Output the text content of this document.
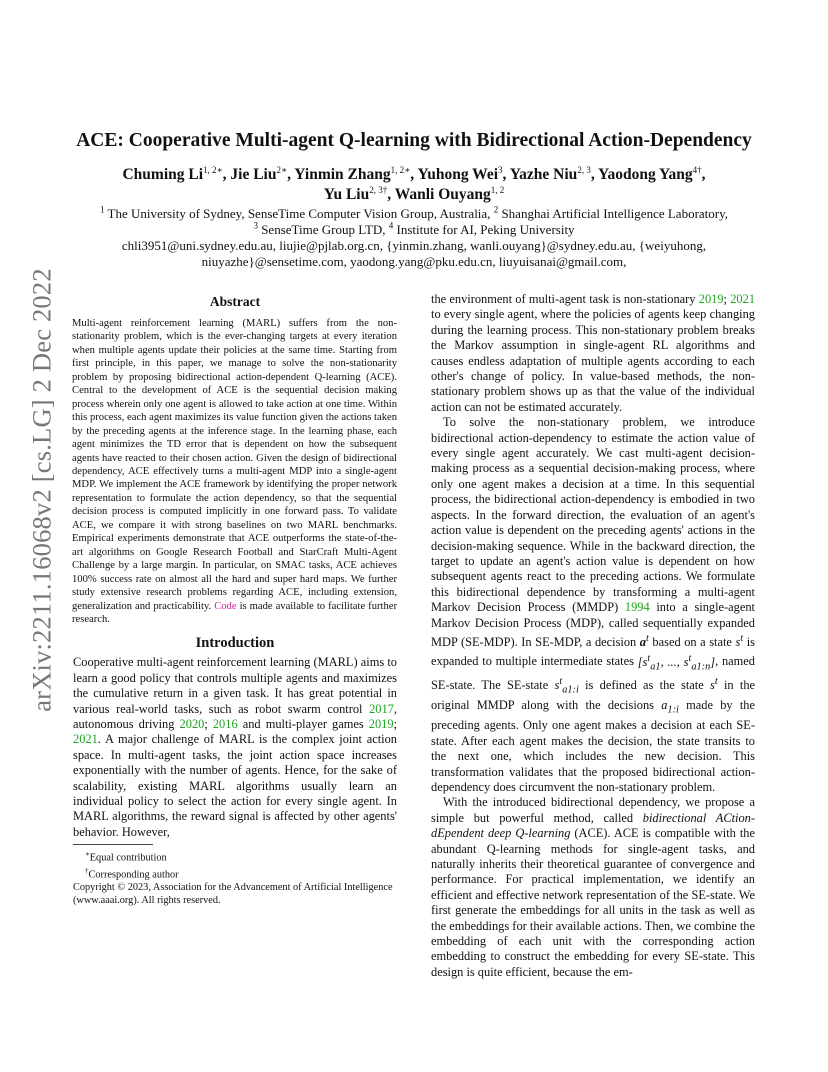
arXiv:2211.16068v2 [cs.LG] 2 Dec 2022
ACE: Cooperative Multi-agent Q-learning with Bidirectional Action-Dependency
Chuming $Li^{1, 2∗}$, Jie Liu$^{2∗}$, Yinmin Zhang$^{1, 2∗}$, Yuhong Wei$^3$, Yazhe Niu$^{2, 3}$, Yaodong Yang$^{4\dagger}$,
Yu Liu$^{2, 3\dagger}$, Wanli Ouyang$^{1, 2}$
$^1$ The University of Sydney, SenseTime Computer Vision Group, Australia, $^2$ Shanghai Artificial Intelligence Laboratory,
$^3$ SenseTime Group LTD, $^4$ Institute for AI, Peking University
chli3951@uni.sydney.edu.au, liujie@pjlab.org.cn, {yinmin.zhang, wanli.ouyang}@sydney.edu.au, {weiyuhong,
niuyazhe}@sensetime.com, yaodong.yang@pku.edu.cn, liuyuisanai@gmail.com,
Abstract

Multi-agent reinforcement learning (MARL) suffers from the non-stationarity problem, which is the ever-changing targets at every iteration when multiple agents update their policies at the same time. Starting from first principle, in this paper, we manage to solve the non-stationarity problem by proposing bidirectional action-dependent Q-learning (ACE). Central to the development of ACE is the sequential decision making process wherein only one agent is allowed to take action at one time. Within this process, each agent maximizes its value function given the actions taken by the preceding agents at the inference stage. In the learning phase, each agent minimizes the TD error that is dependent on how the subsequent agents have reacted to their chosen action. Given the design of bidirectional dependency, ACE effectively turns a multi-agent MDP into a single-agent MDP. We implement the ACE framework by identifying the proper network representation to formulate the action dependency, so that the sequential decision process is computed implicitly in one forward pass. To validate ACE, we compare it with strong baselines on two MARL benchmarks. Empirical experiments demonstrate that ACE outperforms the state-of-the-art algorithms on Google Research Football and StarCraft Multi-Agent Challenge by a large margin. In particular, on SMAC tasks, ACE achieves 100% success rate on almost all the hard and super hard maps. We further study extensive research problems regarding ACE, including extension, generalization and practicability. Code is made available to facilitate further research.

Introduction

Cooperative multi-agent reinforcement learning (MARL) aims to learn a good policy that controls multiple agents and maximizes the cumulative return in a given task. It has great potential in various real-world tasks, such as robot swarm control 2017, autonomous driving 2020; 2016 and multi-player games 2019; 2021. A major challenge of MARL is the complex joint action space. In multi-agent tasks, the joint action space increases exponentially with the number of agents. Hence, for the sake of scalability, existing MARL algorithms usually learn an individual policy to select the action for every single agent. In MARL algorithms, the reward signal is affected by other agents' behavior. However,

∗Equal contribution

†Corresponding author

Copyright © 2023, Association for the Advancement of Artificial Intelligence (www.aaai.org). All rights reserved.

the environment of multi-agent task is non-stationary 2019; 2021 to every single agent, where the policies of agents keep changing during the learning process. This non-stationary problem breaks the Markov assumption in single-agent RL algorithms and causes endless adaptation of multiple agents according to each other's change of policy. In value-based methods, the non-stationary problem shows up as that the value of the individual action can not be estimated accurately.

To solve the non-stationary problem, we introduce bidirectional action-dependency to estimate the action value of every single agent accurately. We cast multi-agent decision-making process as a sequential decision-making process, where only one agent makes a decision at a time. In this sequential process, the bidirectional action-dependency is embodied in two aspects. In the forward direction, the evaluation of an agent's action value is dependent on the preceding agents' actions in the decision-making sequence. While in the backward direction, the target to update an agent's action value is dependent on how subsequent agents react to the preceding actions. We formulate this bidirectional dependence by transforming a multi-agent Markov Decision Process (MMDP) 1994 into a single-agent Markov Decision Process (MDP), called sequentially expanded MDP (SE-MDP). In SE-MDP, a decision $a^t$ based on a state $s^t$ is expanded to multiple intermediate states [$s^t_{a1}$, ..., $s^t_{a1:n}$], named SE-state. The SE-state $s^t_{a1:i}$ is defined as the state $s^t$ in the original MMDP along with the decisions $a_{1:i}$ made by the preceding agents. Only one agent makes a decision at each SE-state. After each agent makes the decision, the state transits to the next one, which includes the new decision. This transformation validates that the proposed bidirectional action-dependency does circumvent the non-stationary problem.

With the introduced bidirectional dependency, we propose a simple but powerful method, called bidirectional ACtion-dEpendent deep Q-learning (ACE). ACE is compatible with the abundant Q-learning methods for single-agent tasks, and naturally inherits their theoretical guarantee of convergence and performance. For practical implementation, we identify an efficient and effective network representation of the SE-state. We first generate the embeddings for all units in the task as well as the embeddings for their available actions. Then, we combine the embedding of each unit with the corresponding action embedding to construct the embedding for every SE-state. This design is quite efficient, because the em-
